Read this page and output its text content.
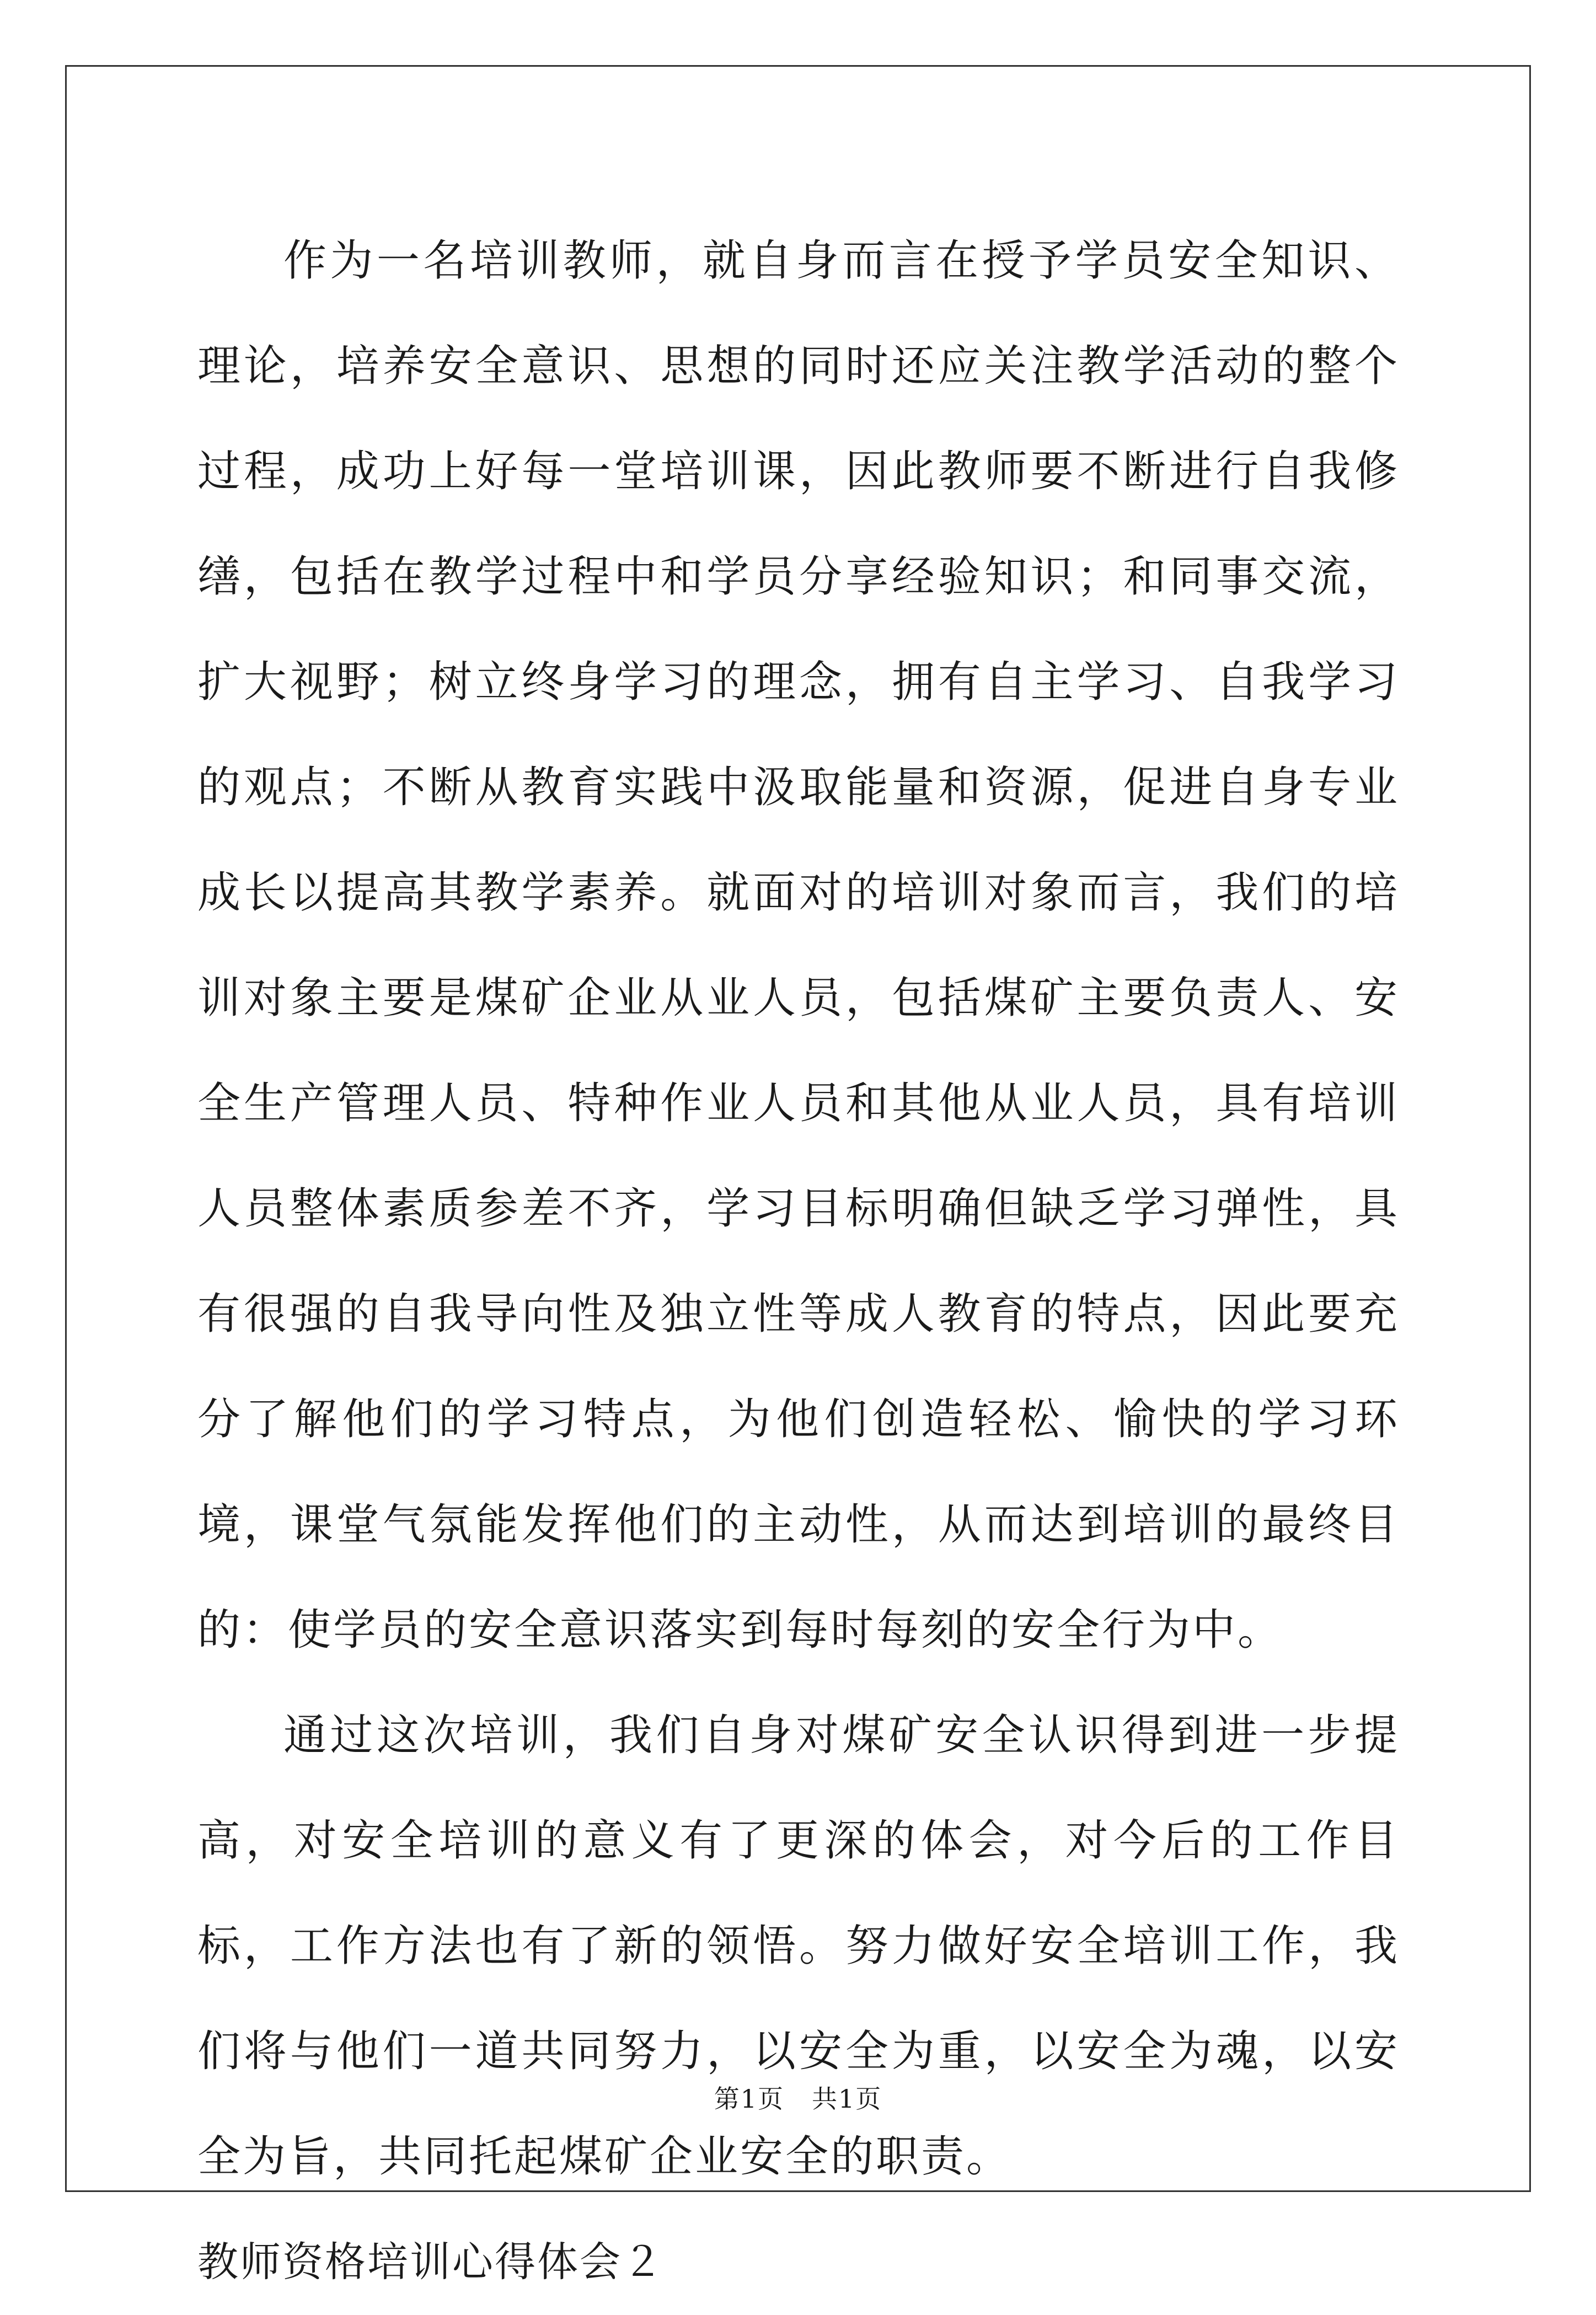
作为一名培训教师，就自身而言在授予学员安全知识、理论，培养安全意识、思想的同时还应关注教学活动的整个过程，成功上好每一堂培训课，因此教师要不断进行自我修缮，包括在教学过程中和学员分享经验知识；和同事交流，扩大视野；树立终身学习的理念，拥有自主学习、自我学习的观点；不断从教育实践中汲取能量和资源，促进自身专业成长以提高其教学素养。就面对的培训对象而言，我们的培训对象主要是煤矿企业从业人员，包括煤矿主要负责人、安全生产管理人员、特种作业人员和其他从业人员，具有培训人员整体素质参差不齐，学习目标明确但缺乏学习弹性，具有很强的自我导向性及独立性等成人教育的特点，因此要充分了解他们的学习特点，为他们创造轻松、愉快的学习环境，课堂气氛能发挥他们的主动性，从而达到培训的最终目的：使学员的安全意识落实到每时每刻的安全行为中。

通过这次培训，我们自身对煤矿安全认识得到进一步提高，对安全培训的意义有了更深的体会，对今后的工作目标，工作方法也有了新的领悟。努力做好安全培训工作，我们将与他们一道共同努力，以安全为重，以安全为魂，以安全为旨，共同托起煤矿企业安全的职责。

教师资格培训心得体会２

第1页 共1页
